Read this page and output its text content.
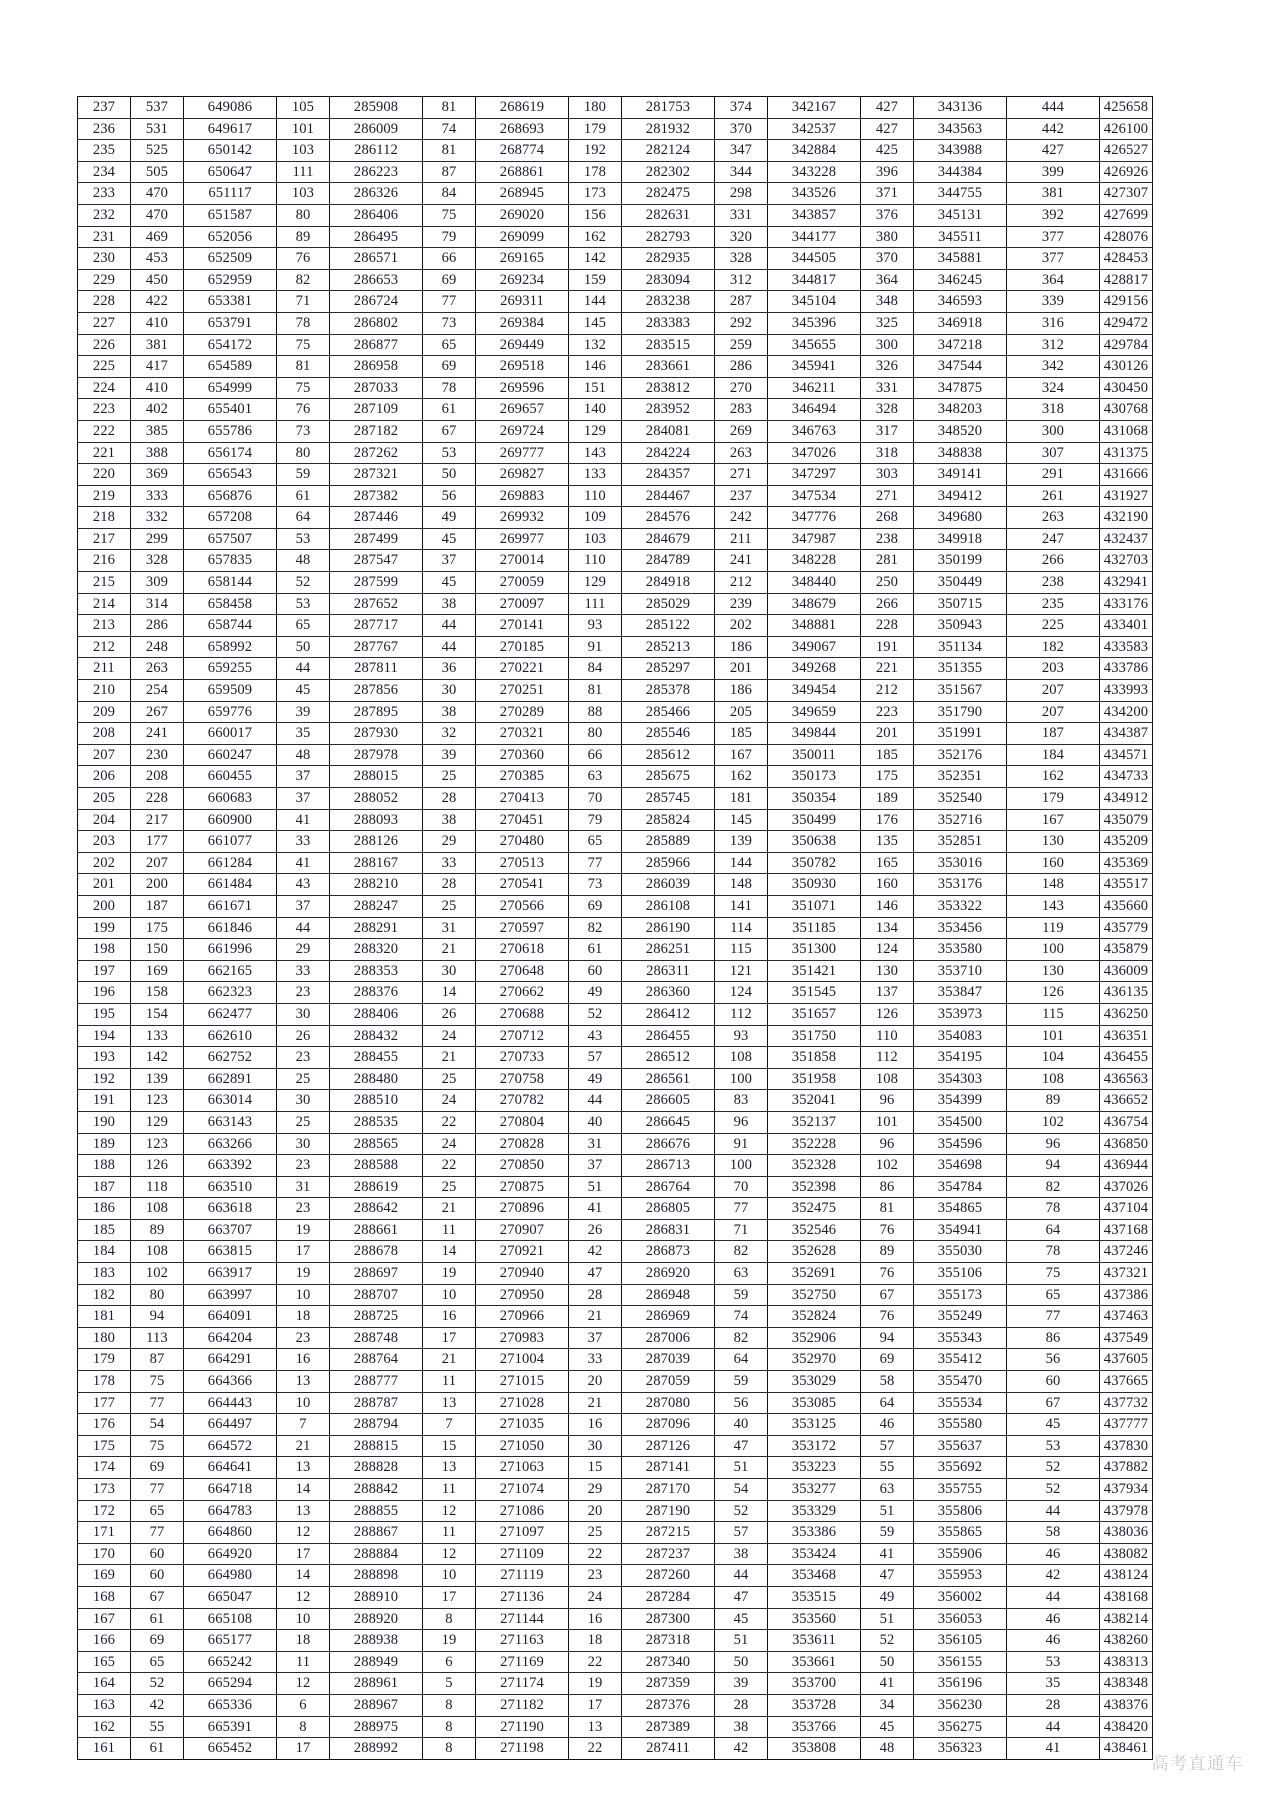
237	537	649086	105	285908	81	268619	180	281753	374	342167	427	343136	444	425658
236	531	649617	101	286009	74	268693	179	281932	370	342537	427	343563	442	426100
235	525	650142	103	286112	81	268774	192	282124	347	342884	425	343988	427	426527
234	505	650647	111	286223	87	268861	178	282302	344	343228	396	344384	399	426926
233	470	651117	103	286326	84	268945	173	282475	298	343526	371	344755	381	427307
232	470	651587	80	286406	75	269020	156	282631	331	343857	376	345131	392	427699
231	469	652056	89	286495	79	269099	162	282793	320	344177	380	345511	377	428076
230	453	652509	76	286571	66	269165	142	282935	328	344505	370	345881	377	428453
229	450	652959	82	286653	69	269234	159	283094	312	344817	364	346245	364	428817
228	422	653381	71	286724	77	269311	144	283238	287	345104	348	346593	339	429156
227	410	653791	78	286802	73	269384	145	283383	292	345396	325	346918	316	429472
226	381	654172	75	286877	65	269449	132	283515	259	345655	300	347218	312	429784
225	417	654589	81	286958	69	269518	146	283661	286	345941	326	347544	342	430126
224	410	654999	75	287033	78	269596	151	283812	270	346211	331	347875	324	430450
223	402	655401	76	287109	61	269657	140	283952	283	346494	328	348203	318	430768
222	385	655786	73	287182	67	269724	129	284081	269	346763	317	348520	300	431068
221	388	656174	80	287262	53	269777	143	284224	263	347026	318	348838	307	431375
220	369	656543	59	287321	50	269827	133	284357	271	347297	303	349141	291	431666
219	333	656876	61	287382	56	269883	110	284467	237	347534	271	349412	261	431927
218	332	657208	64	287446	49	269932	109	284576	242	347776	268	349680	263	432190
217	299	657507	53	287499	45	269977	103	284679	211	347987	238	349918	247	432437
216	328	657835	48	287547	37	270014	110	284789	241	348228	281	350199	266	432703
215	309	658144	52	287599	45	270059	129	284918	212	348440	250	350449	238	432941
214	314	658458	53	287652	38	270097	111	285029	239	348679	266	350715	235	433176
213	286	658744	65	287717	44	270141	93	285122	202	348881	228	350943	225	433401
212	248	658992	50	287767	44	270185	91	285213	186	349067	191	351134	182	433583
211	263	659255	44	287811	36	270221	84	285297	201	349268	221	351355	203	433786
210	254	659509	45	287856	30	270251	81	285378	186	349454	212	351567	207	433993
209	267	659776	39	287895	38	270289	88	285466	205	349659	223	351790	207	434200
208	241	660017	35	287930	32	270321	80	285546	185	349844	201	351991	187	434387
207	230	660247	48	287978	39	270360	66	285612	167	350011	185	352176	184	434571
206	208	660455	37	288015	25	270385	63	285675	162	350173	175	352351	162	434733
205	228	660683	37	288052	28	270413	70	285745	181	350354	189	352540	179	434912
204	217	660900	41	288093	38	270451	79	285824	145	350499	176	352716	167	435079
203	177	661077	33	288126	29	270480	65	285889	139	350638	135	352851	130	435209
202	207	661284	41	288167	33	270513	77	285966	144	350782	165	353016	160	435369
201	200	661484	43	288210	28	270541	73	286039	148	350930	160	353176	148	435517
200	187	661671	37	288247	25	270566	69	286108	141	351071	146	353322	143	435660
199	175	661846	44	288291	31	270597	82	286190	114	351185	134	353456	119	435779
198	150	661996	29	288320	21	270618	61	286251	115	351300	124	353580	100	435879
197	169	662165	33	288353	30	270648	60	286311	121	351421	130	353710	130	436009
196	158	662323	23	288376	14	270662	49	286360	124	351545	137	353847	126	436135
195	154	662477	30	288406	26	270688	52	286412	112	351657	126	353973	115	436250
194	133	662610	26	288432	24	270712	43	286455	93	351750	110	354083	101	436351
193	142	662752	23	288455	21	270733	57	286512	108	351858	112	354195	104	436455
192	139	662891	25	288480	25	270758	49	286561	100	351958	108	354303	108	436563
191	123	663014	30	288510	24	270782	44	286605	83	352041	96	354399	89	436652
190	129	663143	25	288535	22	270804	40	286645	96	352137	101	354500	102	436754
189	123	663266	30	288565	24	270828	31	286676	91	352228	96	354596	96	436850
188	126	663392	23	288588	22	270850	37	286713	100	352328	102	354698	94	436944
187	118	663510	31	288619	25	270875	51	286764	70	352398	86	354784	82	437026
186	108	663618	23	288642	21	270896	41	286805	77	352475	81	354865	78	437104
185	89	663707	19	288661	11	270907	26	286831	71	352546	76	354941	64	437168
184	108	663815	17	288678	14	270921	42	286873	82	352628	89	355030	78	437246
183	102	663917	19	288697	19	270940	47	286920	63	352691	76	355106	75	437321
182	80	663997	10	288707	10	270950	28	286948	59	352750	67	355173	65	437386
181	94	664091	18	288725	16	270966	21	286969	74	352824	76	355249	77	437463
180	113	664204	23	288748	17	270983	37	287006	82	352906	94	355343	86	437549
179	87	664291	16	288764	21	271004	33	287039	64	352970	69	355412	56	437605
178	75	664366	13	288777	11	271015	20	287059	59	353029	58	355470	60	437665
177	77	664443	10	288787	13	271028	21	287080	56	353085	64	355534	67	437732
176	54	664497	7	288794	7	271035	16	287096	40	353125	46	355580	45	437777
175	75	664572	21	288815	15	271050	30	287126	47	353172	57	355637	53	437830
174	69	664641	13	288828	13	271063	15	287141	51	353223	55	355692	52	437882
173	77	664718	14	288842	11	271074	29	287170	54	353277	63	355755	52	437934
172	65	664783	13	288855	12	271086	20	287190	52	353329	51	355806	44	437978
171	77	664860	12	288867	11	271097	25	287215	57	353386	59	355865	58	438036
170	60	664920	17	288884	12	271109	22	287237	38	353424	41	355906	46	438082
169	60	664980	14	288898	10	271119	23	287260	44	353468	47	355953	42	438124
168	67	665047	12	288910	17	271136	24	287284	47	353515	49	356002	44	438168
167	61	665108	10	288920	8	271144	16	287300	45	353560	51	356053	46	438214
166	69	665177	18	288938	19	271163	18	287318	51	353611	52	356105	46	438260
165	65	665242	11	288949	6	271169	22	287340	50	353661	50	356155	53	438313
164	52	665294	12	288961	5	271174	19	287359	39	353700	41	356196	35	438348
163	42	665336	6	288967	8	271182	17	287376	28	353728	34	356230	28	438376
162	55	665391	8	288975	8	271190	13	287389	38	353766	45	356275	44	438420
161	61	665452	17	288992	8	271198	22	287411	42	353808	48	356323	41	438461
高考直通车
